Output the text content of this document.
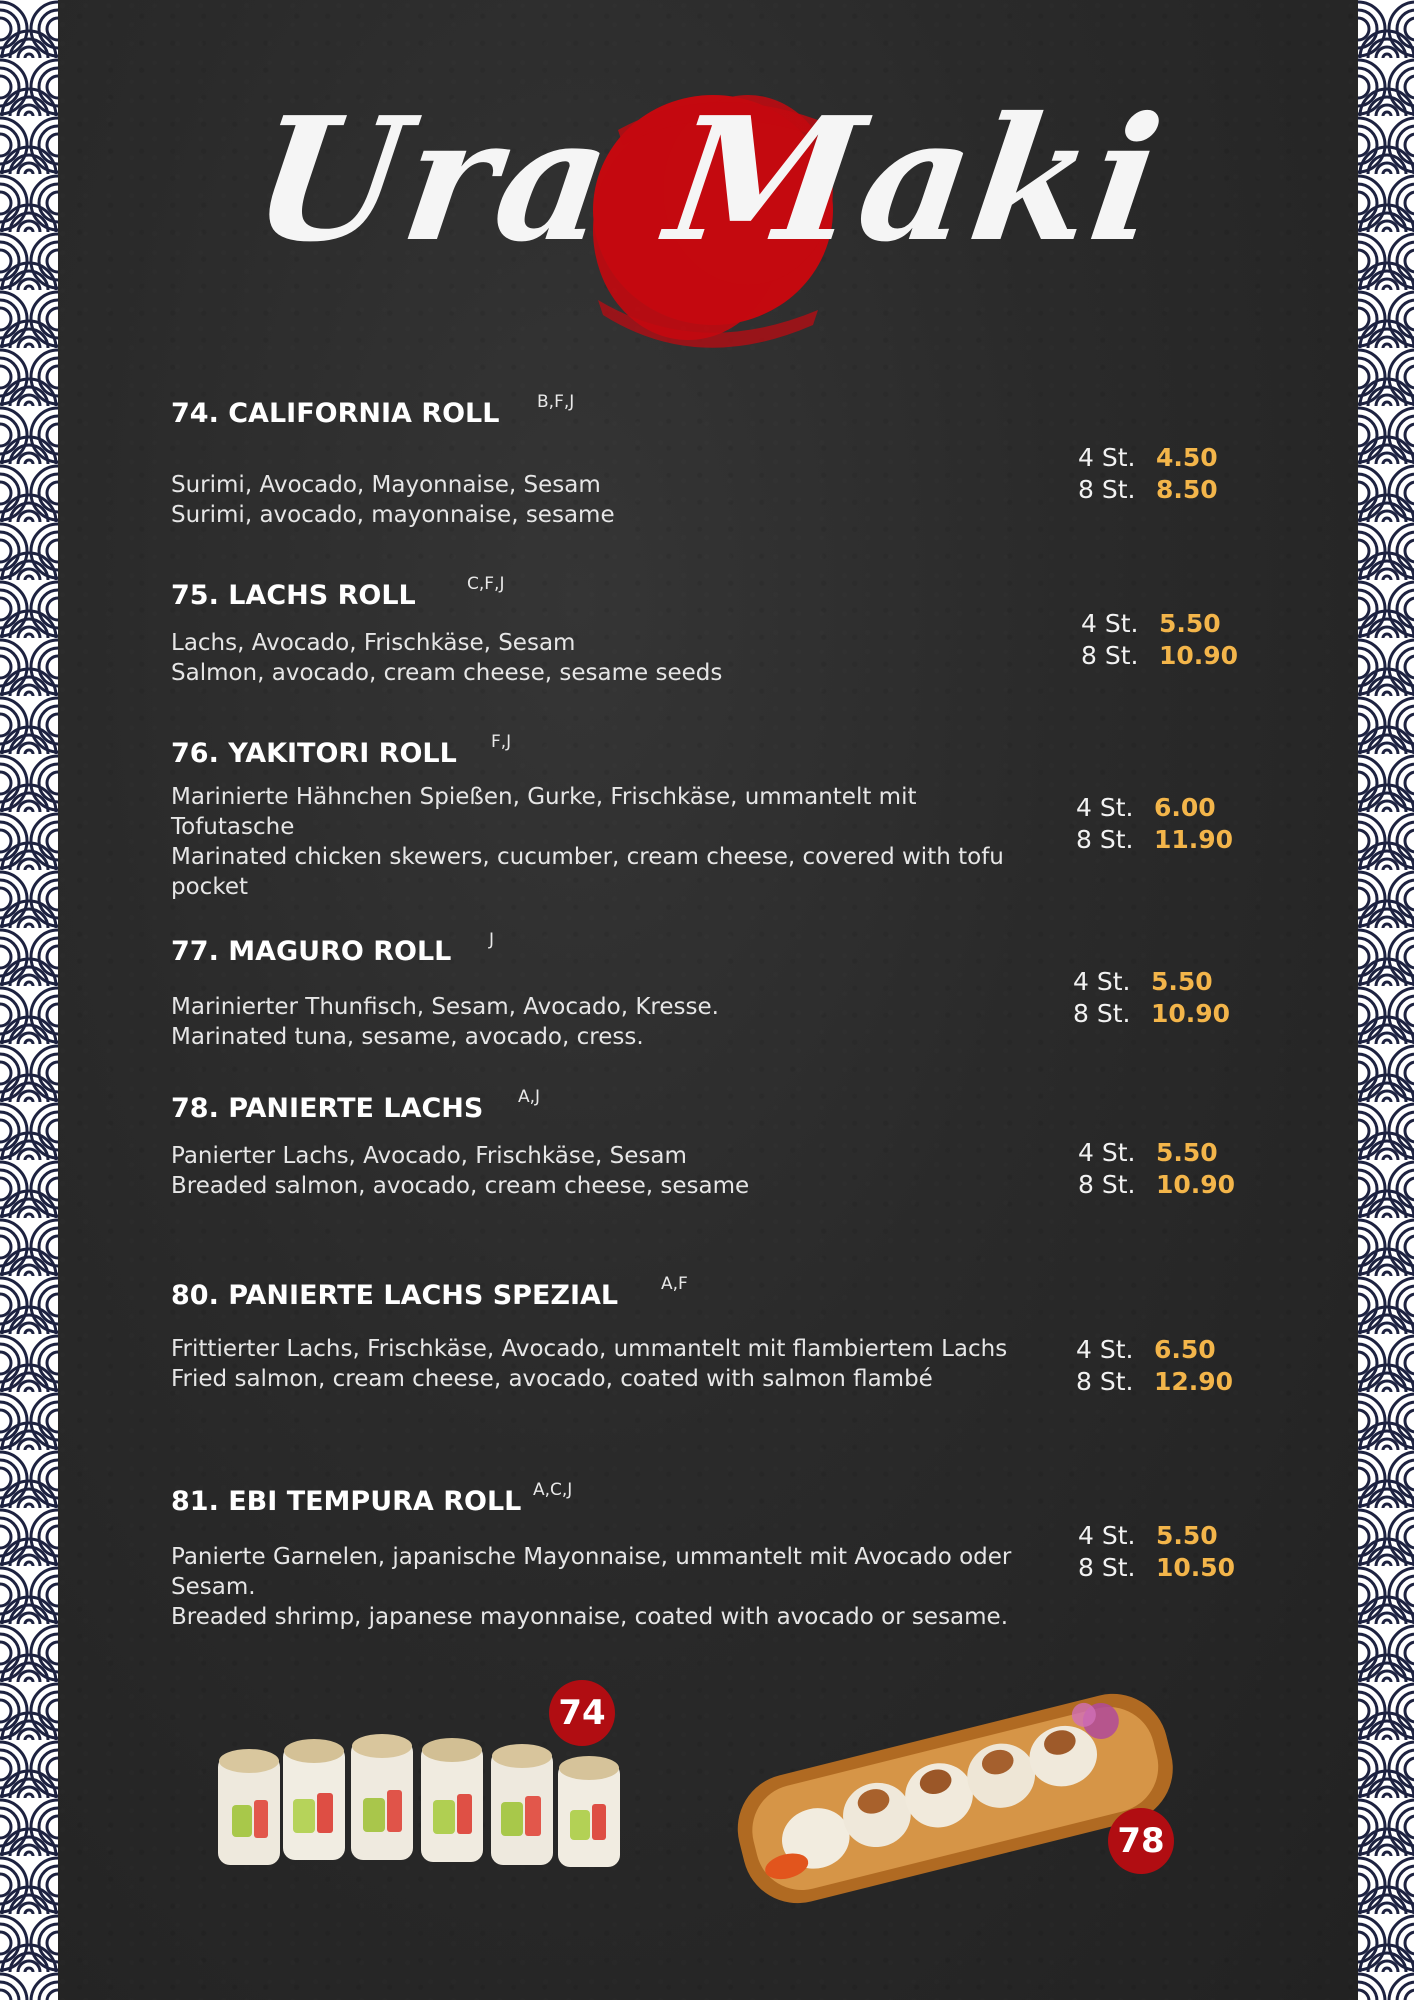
Ura Maki
74. CALIFORNIA ROLL B,F,J
Surimi, Avocado, Mayonnaise, Sesam
Surimi, avocado, mayonnaise, sesame
4 St. 4.50
8 St. 8.50
75. LACHS ROLL	C,F,J
Lachs, Avocado, Frischkäse, Sesam
Salmon, avocado, cream cheese, sesame seeds
4 St. 5.50
8 St. 10.90
76. YAKITORI ROLL F,J
Marinierte Hähnchen Spießen, Gurke, Frischkäse, ummantelt mit Tofutasche
Marinated chicken skewers, cucumber, cream cheese, covered with tofu pocket
4 St. 6.00
8 St. 11.90
77. MAGURO ROLL J
Marinierter Thunfisch, Sesam, Avocado, Kresse.
Marinated tuna, sesame, avocado, cress.
4 St. 5.50
8 St. 10.90
78. PANIERTE LACHS A,J
Panierter Lachs, Avocado, Frischkäse, Sesam
Breaded salmon, avocado, cream cheese, sesame
4 St. 5.50
8 St. 10.90
80. PANIERTE LACHS SPEZIAL	A,F
Frittierter Lachs, Frischkäse, Avocado, ummantelt mit flambiertem Lachs
Fried salmon, cream cheese, avocado, coated with salmon flambé
4 St. 6.50
8 St. 12.90
81. EBI TEMPURA ROLL A,C,J
Panierte Garnelen, japanische Mayonnaise, ummantelt mit Avocado oder Sesam.
Breaded shrimp, japanese mayonnaise, coated with avocado or sesame.
4 St. 5.50
8 St. 10.50
74
78
